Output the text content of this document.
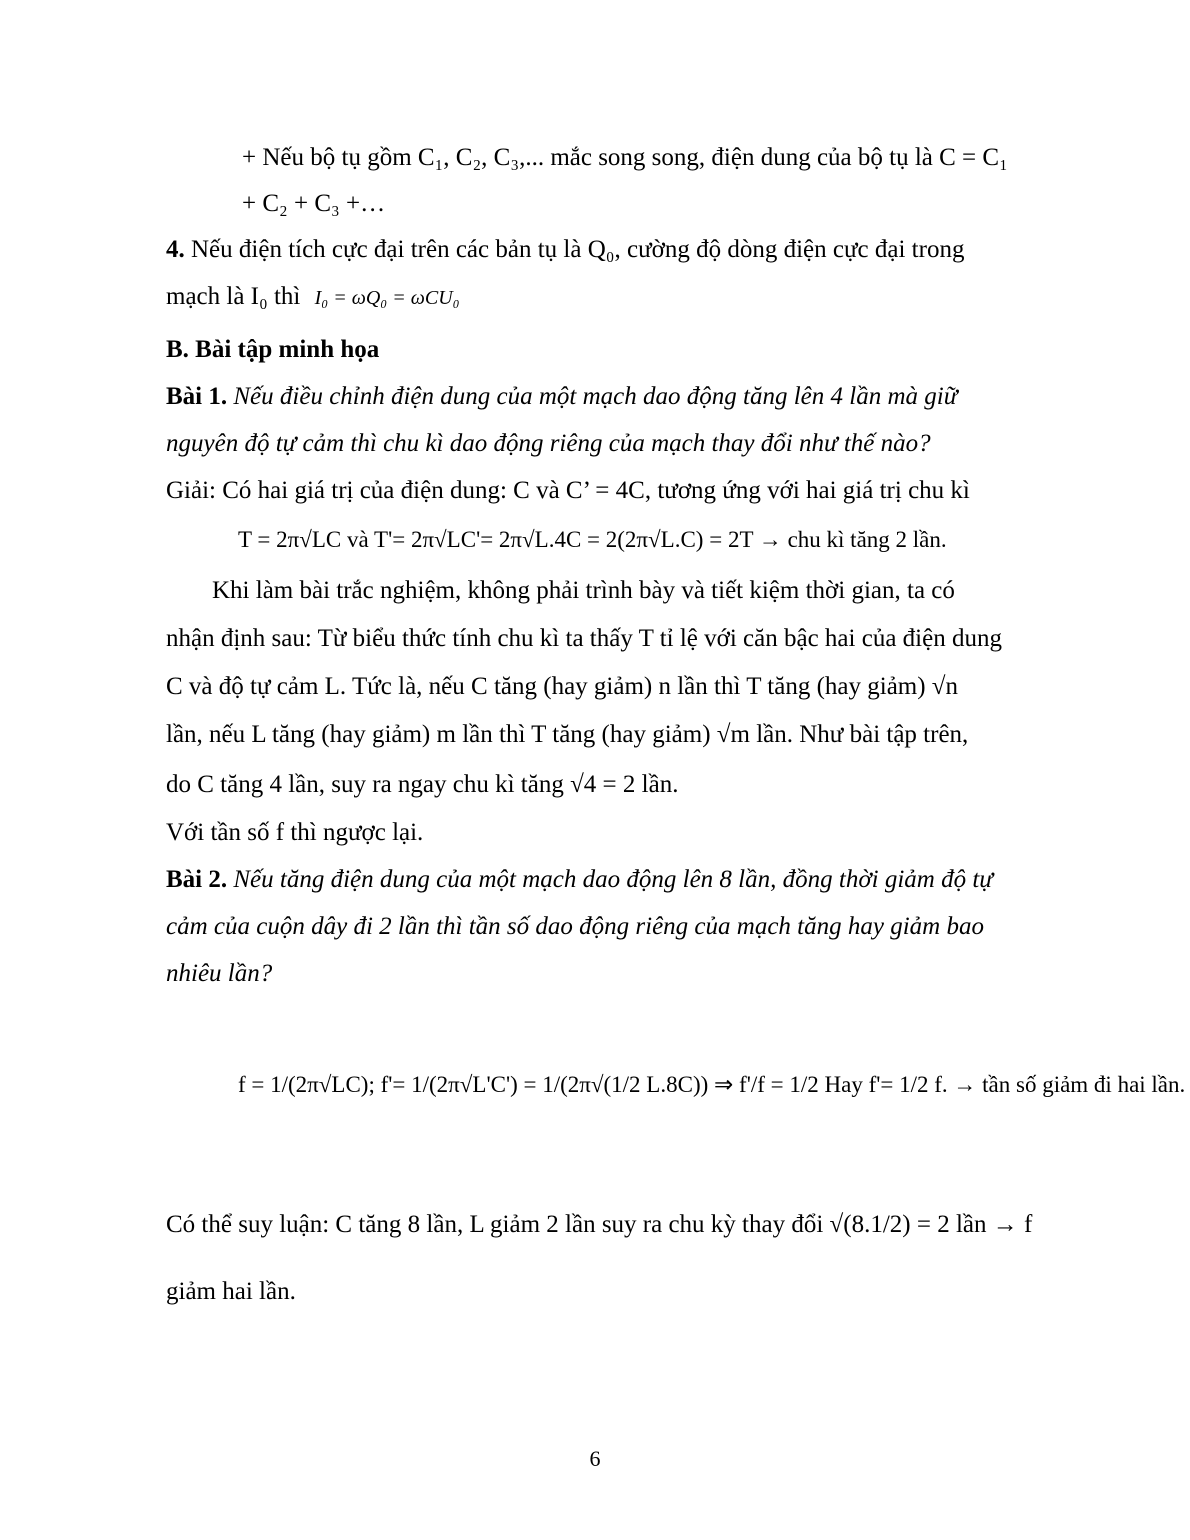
+ Nếu bộ tụ gồm C₁, C₂, C₃,... mắc song song, điện dung của bộ tụ là C = C₁
+ C₂ + C₃ +…
4. Nếu điện tích cực đại trên các bản tụ là Q₀, cường độ dòng điện cực đại trong
mạch là I₀ thì I₀ = ωQ₀ = ωCU₀
B. Bài tập minh họa
Bài 1. Nếu điều chỉnh điện dung của một mạch dao động tăng lên 4 lần mà giữ
nguyên độ tự cảm thì chu kì dao động riêng của mạch thay đổi như thế nào?
Giải: Có hai giá trị của điện dung: C và C’ = 4C, tương ứng với hai giá trị chu kì
T = 2π√LC và T'= 2π√LC'= 2π√L.4C = 2(2π√L.C) = 2T → chu kì tăng 2 lần.
Khi làm bài trắc nghiệm, không phải trình bày và tiết kiệm thời gian, ta có
nhận định sau: Từ biểu thức tính chu kì ta thấy T tỉ lệ với căn bậc hai của điện dung
C và độ tự cảm L. Tức là, nếu C tăng (hay giảm) n lần thì T tăng (hay giảm) √n
lần, nếu L tăng (hay giảm) m lần thì T tăng (hay giảm) √m lần. Như bài tập trên,
do C tăng 4 lần, suy ra ngay chu kì tăng √4 = 2 lần.
Với tần số f thì ngược lại.
Bài 2. Nếu tăng điện dung của một mạch dao động lên 8 lần, đồng thời giảm độ tự
cảm của cuộn dây đi 2 lần thì tần số dao động riêng của mạch tăng hay giảm bao
nhiêu lần?
f = 1/(2π√LC); f'= 1/(2π√L'C') = 1/(2π√(1/2 L.8C)) ⇒ f'/f = 1/2 Hay f'= 1/2 f. → tần số giảm đi hai lần.
Có thể suy luận: C tăng 8 lần, L giảm 2 lần suy ra chu kỳ thay đổi √(8.1/2) = 2 lần → f
giảm hai lần.
6
